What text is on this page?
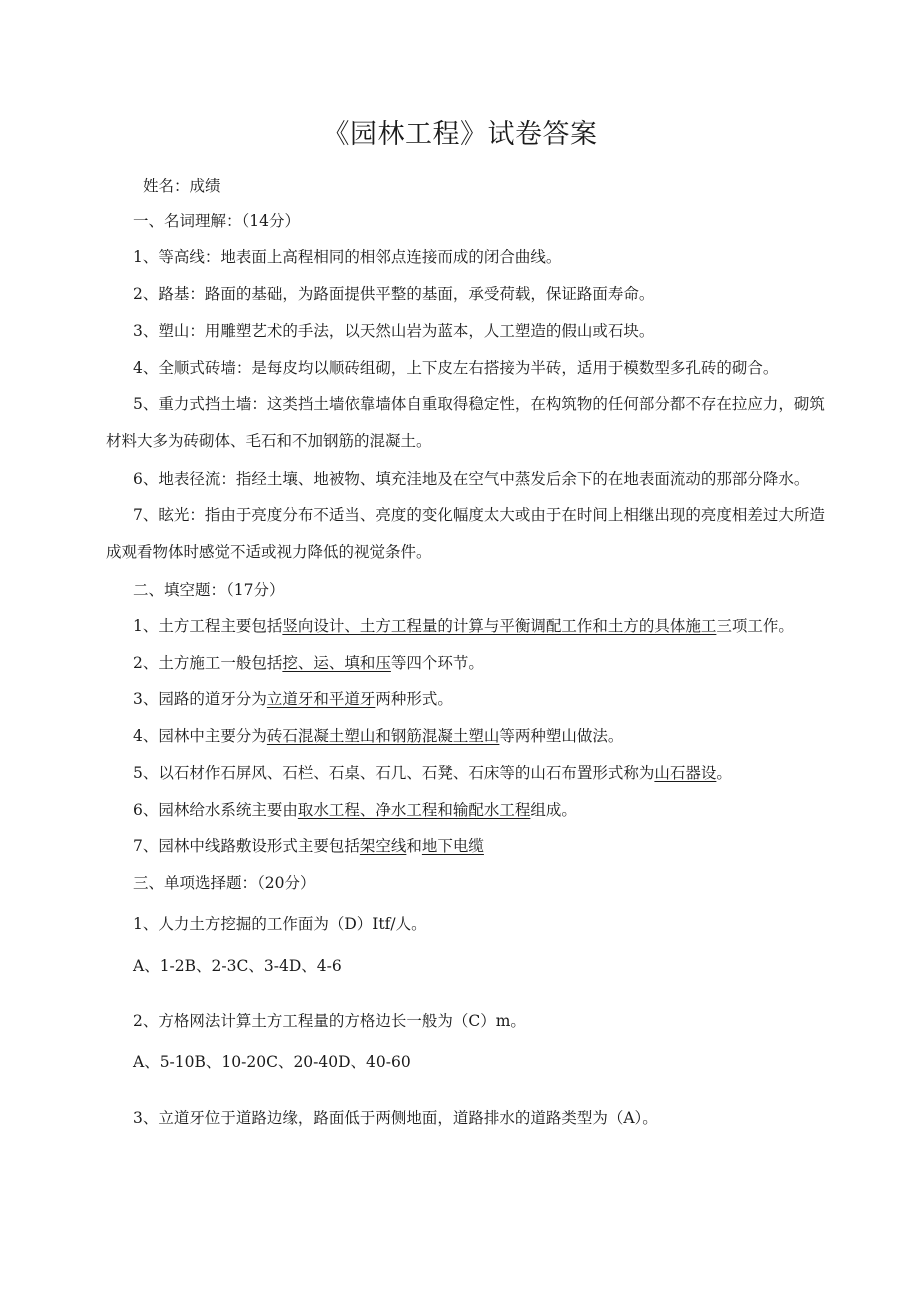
《园林工程》试卷答案
姓名：成绩
一、名词理解：（14分）
1、等高线：地表面上高程相同的相邻点连接而成的闭合曲线。
2、路基：路面的基础，为路面提供平整的基面，承受荷载，保证路面寿命。
3、塑山：用雕塑艺术的手法，以天然山岩为蓝本，人工塑造的假山或石块。
4、全顺式砖墙：是每皮均以顺砖组砌，上下皮左右搭接为半砖，适用于模数型多孔砖的砌合。
5、重力式挡土墙：这类挡土墙依靠墙体自重取得稳定性，在构筑物的任何部分都不存在拉应力，砌筑材料大多为砖砌体、毛石和不加钢筋的混凝土。
6、地表径流：指经土壤、地被物、填充洼地及在空气中蒸发后余下的在地表面流动的那部分降水。
7、眩光：指由于亮度分布不适当、亮度的变化幅度太大或由于在时间上相继出现的亮度相差过大所造成观看物体时感觉不适或视力降低的视觉条件。
二、填空题：（17分）
1、土方工程主要包括竖向设计、土方工程量的计算与平衡调配工作和土方的具体施工三项工作。
2、土方施工一般包括挖、运、填和压等四个环节。
3、园路的道牙分为立道牙和平道牙两种形式。
4、园林中主要分为砖石混凝土塑山和钢筋混凝土塑山等两种塑山做法。
5、以石材作石屏风、石栏、石桌、石几、石凳、石床等的山石布置形式称为山石器设。
6、园林给水系统主要由取水工程、净水工程和输配水工程组成。
7、园林中线路敷设形式主要包括架空线和地下电缆
三、单项选择题：（20分）
1、人力土方挖掘的工作面为（D）Itf/人。
A、1-2B、2-3C、3-4D、4-6
2、方格网法计算土方工程量的方格边长一般为（C）m。
A、5-10B、10-20C、20-40D、40-60
3、立道牙位于道路边缘，路面低于两侧地面，道路排水的道路类型为（A）。
